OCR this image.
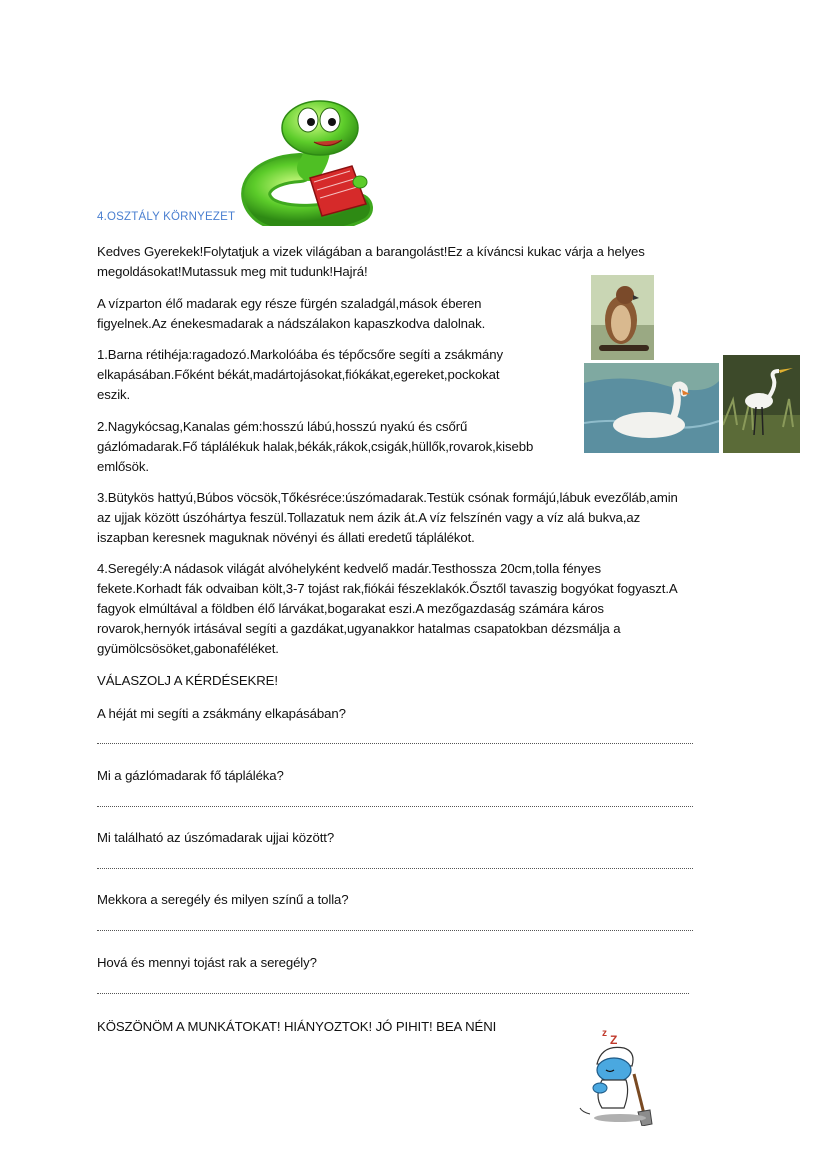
4.OSZTÁLY KÖRNYEZET
Kedves Gyerekek!Folytatjuk a vizek világában a barangolást!Ez a kíváncsi kukac várja a helyes
megoldásokat!Mutassuk meg mit tudunk!Hajrá!
A vízparton élő madarak egy része fürgén szaladgál,mások éberen
figyelnek.Az énekesmadarak a nádszálakon kapaszkodva dalolnak.
1.Barna rétihéja:ragadozó.Markolóába és tépőcsőre segíti a zsákmány
elkapásában.Főként békát,madártojásokat,fiókákat,egereket,pockokat
eszik.
2.Nagykócsag,Kanalas gém:hosszú lábú,hosszú nyakú és csőrű
gázlómadarak.Fő táplálékuk halak,békák,rákok,csigák,hüllők,rovarok,kisebb
emlősök.
3.Bütykös hattyú,Búbos vöcsök,Tőkésréce:úszómadarak.Testük csónak formájú,lábuk evezőláb,amin
az ujjak között úszóhártya feszül.Tollazatuk nem ázik át.A víz felszínén vagy a víz alá bukva,az
iszapban keresnek maguknak növényi és állati eredetű táplálékot.
4.Seregély:A nádasok világát alvóhelyként kedvelő madár.Testhossza 20cm,tolla fényes
fekete.Korhadt fák odvaiban költ,3-7 tojást rak,fiókái fészeklakók.Ősztől tavaszig bogyókat fogyaszt.A
fagyok elmúltával a földben élő lárvákat,bogarakat eszi.A mezőgazdaság számára káros
rovarok,hernyók irtásával segíti a gazdákat,ugyanakkor hatalmas csapatokban dézsmálja a
gyümölcsösöket,gabonaféléket.
VÁLASZOLJ A KÉRDÉSEKRE!
A héját mi segíti a zsákmány elkapásában?
Mi a gázlómadarak fő tápláléka?
Mi található az úszómadarak ujjai között?
Mekkora a seregély és milyen színű a tolla?
Hová és mennyi tojást rak a seregély?
KÖSZÖNÖM A MUNKÁTOKAT! HIÁNYOZTOK! JÓ PIHIT! BEA NÉNI	z Z
